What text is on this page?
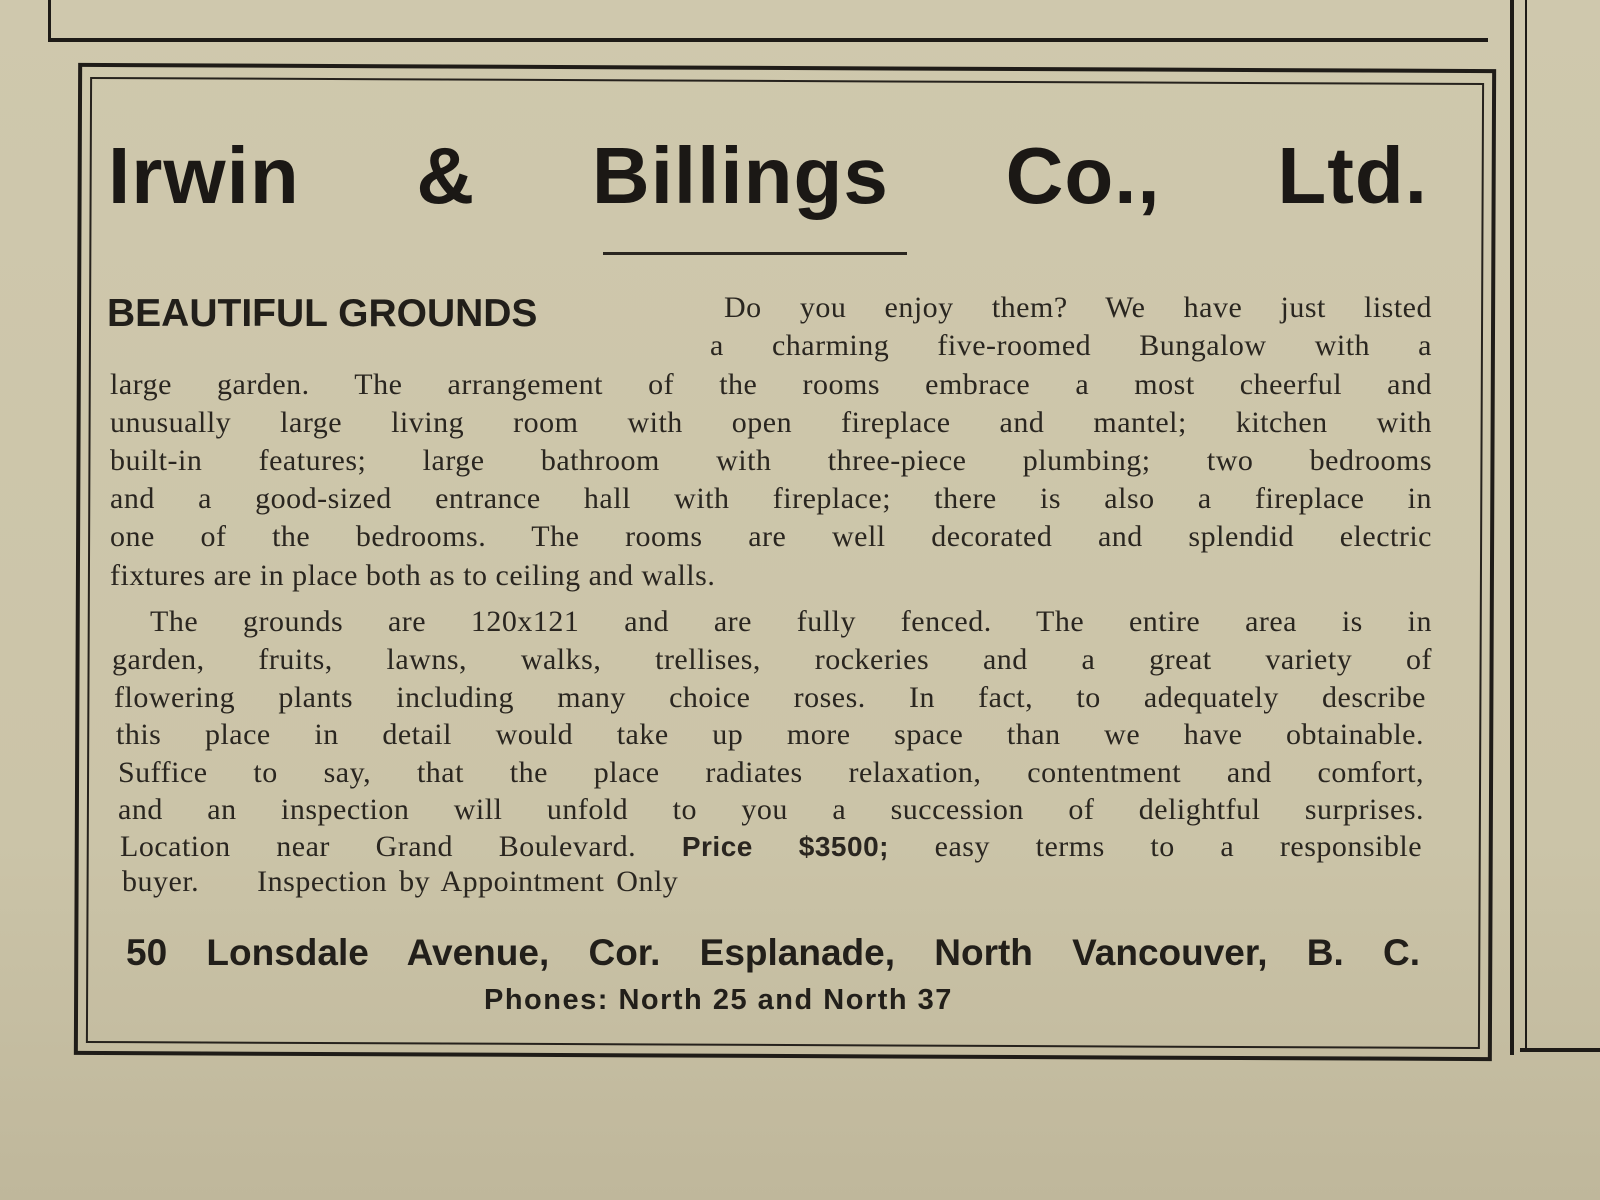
Irwin & Billings Co., Ltd.
BEAUTIFUL GROUNDS	Do you enjoy them? We have just listed
a charming five-roomed Bungalow with a
large garden. The arrangement of the rooms embrace a most cheerful and
unusually large living room with open fireplace and mantel; kitchen with
built-in features; large bathroom with three-piece plumbing; two bedrooms
and a good-sized entrance hall with fireplace; there is also a fireplace in
one of the bedrooms. The rooms are well decorated and splendid electric
fixtures are in place both as to ceiling and walls.
The grounds are 120x121 and are fully fenced. The entire area is in
garden, fruits, lawns, walks, trellises, rockeries and a great variety of
flowering plants including many choice roses. In fact, to adequately describe
this place in detail would take up more space than we have obtainable.
Suffice to say, that the place radiates relaxation, contentment and comfort,
and an inspection will unfold to you a succession of delightful surprises.
Location near Grand Boulevard. Price $3500; easy terms to a responsible
buyer. Inspection by Appointment Only
50 Lonsdale Avenue, Cor. Esplanade, North Vancouver, B. C.
Phones: North 25 and North 37
